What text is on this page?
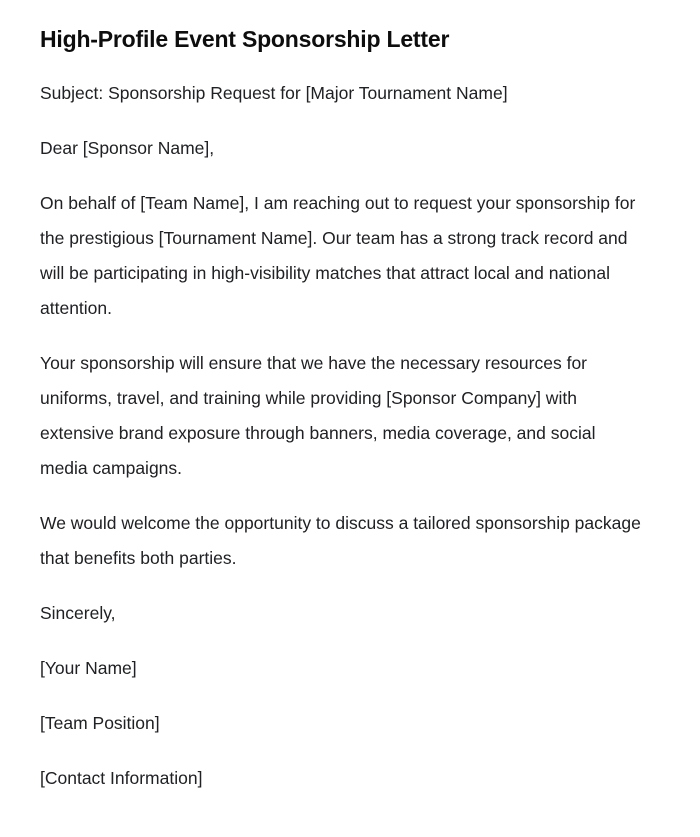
High-Profile Event Sponsorship Letter

Subject: Sponsorship Request for [Major Tournament Name]

Dear [Sponsor Name],

On behalf of [Team Name], I am reaching out to request your sponsorship for the prestigious [Tournament Name]. Our team has a strong track record and will be participating in high-visibility matches that attract local and national attention.

Your sponsorship will ensure that we have the necessary resources for uniforms, travel, and training while providing [Sponsor Company] with extensive brand exposure through banners, media coverage, and social media campaigns.

We would welcome the opportunity to discuss a tailored sponsorship package that benefits both parties.

Sincerely,

[Your Name]

[Team Position]

[Contact Information]
